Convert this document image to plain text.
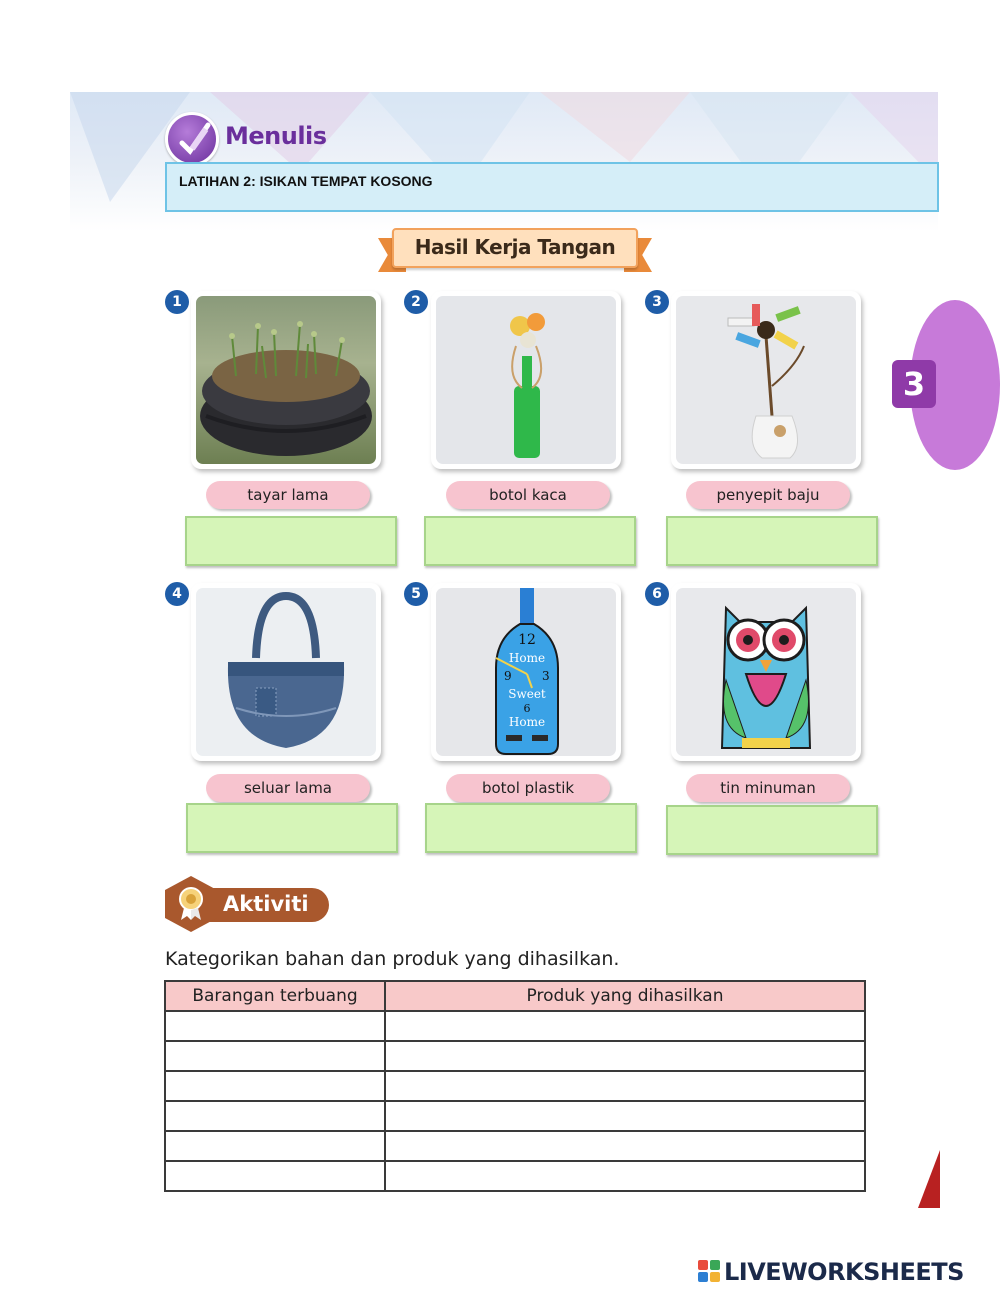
Menulis
LATIHAN 2: ISIKAN TEMPAT KOSONG
Hasil Kerja Tangan
3
1
tayar lama
2
botol kaca
3
penyepit baju
4
seluar lama
5
12
Home
9	3
Sweet
6
Home
botol plastik
6
tin minuman
Aktiviti
Kategorikan bahan dan produk yang dihasilkan.
Barangan terbuang	Produk yang dihasilkan

LIVEWORKSHEETS
